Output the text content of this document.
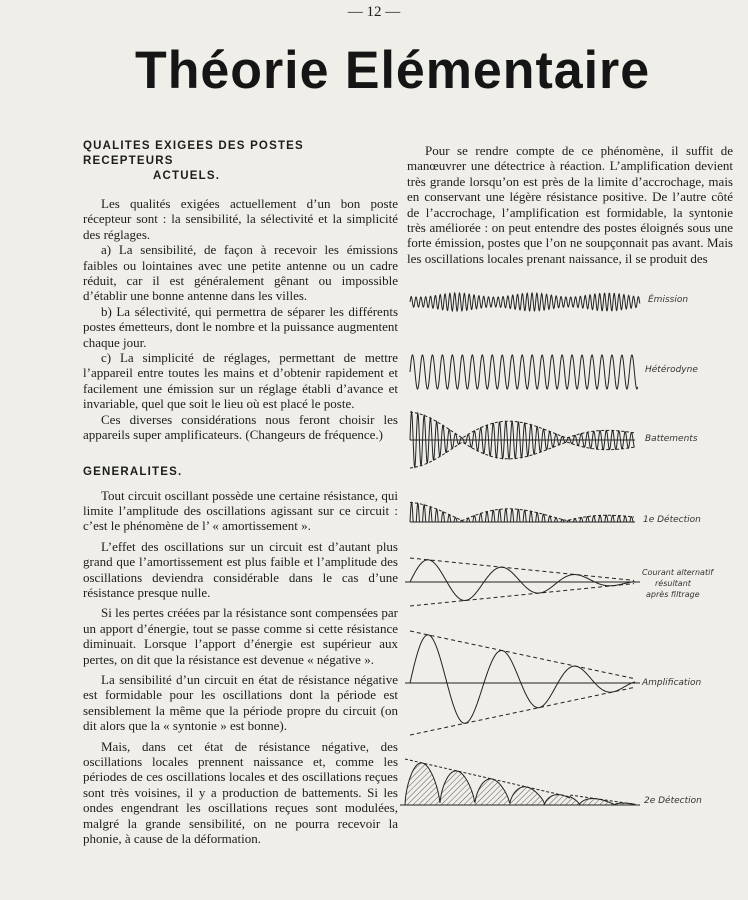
— 12 —
Théorie Elémentaire
QUALITES EXIGEES DES POSTES RECEPTEURS
ACTUELS.

Les qualités exigées actuellement d’un bon poste récepteur sont : la sensibilité, la sélectivité et la simplicité des réglages.

a) La sensibilité, de façon à recevoir les émissions faibles ou lointaines avec une petite antenne ou un cadre réduit, car il est généralement gênant ou impossible d’établir une bonne antenne dans les villes.

b) La sélectivité, qui permettra de séparer les différents postes émetteurs, dont le nombre et la puissance augmentent chaque jour.

c) La simplicité de réglages, permettant de mettre l’appareil entre toutes les mains et d’obtenir rapidement et facilement une émission sur un réglage établi d’avance et invariable, quel que soit le lieu où est placé le poste.

Ces diverses considérations nous feront choisir les appareils super amplificateurs. (Changeurs de fréquence.)

GENERALITES.

Tout circuit oscillant possède une certaine résistance, qui limite l’amplitude des oscillations agissant sur ce circuit : c’est le phénomène de l’ « amortissement ».

L’effet des oscillations sur un circuit est d’autant plus grand que l’amortissement est plus faible et l’amplitude des oscillations deviendra considérable dans le cas d’une résistance presque nulle.

Si les pertes créées par la résistance sont compensées par un apport d’énergie, tout se passe comme si cette résistance diminuait. Lorsque l’apport d’énergie est supérieur aux pertes, on dit que la résistance est devenue « négative ».

La sensibilité d’un circuit en état de résistance négative est formidable pour les oscillations dont la période est sensiblement la même que la période propre du circuit (on dit alors que la « syntonie » est bonne).

Mais, dans cet état de résistance négative, des oscillations locales prennent naissance et, comme les périodes de ces oscillations locales et des oscillations reçues sont très voisines, il y a production de battements. Si les ondes engendrant les oscillations reçues sont modulées, malgré la grande sensibilité, on ne pourra recevoir la phonie, à cause de la déformation.

Pour se rendre compte de ce phénomène, il suffit de manœuvrer une détectrice à réaction. L’amplification devient très grande lorsqu’on est près de la limite d’accrochage, mais en conservant une légère résistance positive. De l’autre côté de l’accrochage, l’amplification est formidable, la syntonie très améliorée : on peut entendre des postes éloignés sous une forte émission, postes que l’on ne soupçonnait pas avant. Mais les oscillations locales prenant naissance, il se produit des

Émission
Hétérodyne
Battements
1e Détection
Courant alternatif
résultant
après filtrage
Amplification
2e Détection
